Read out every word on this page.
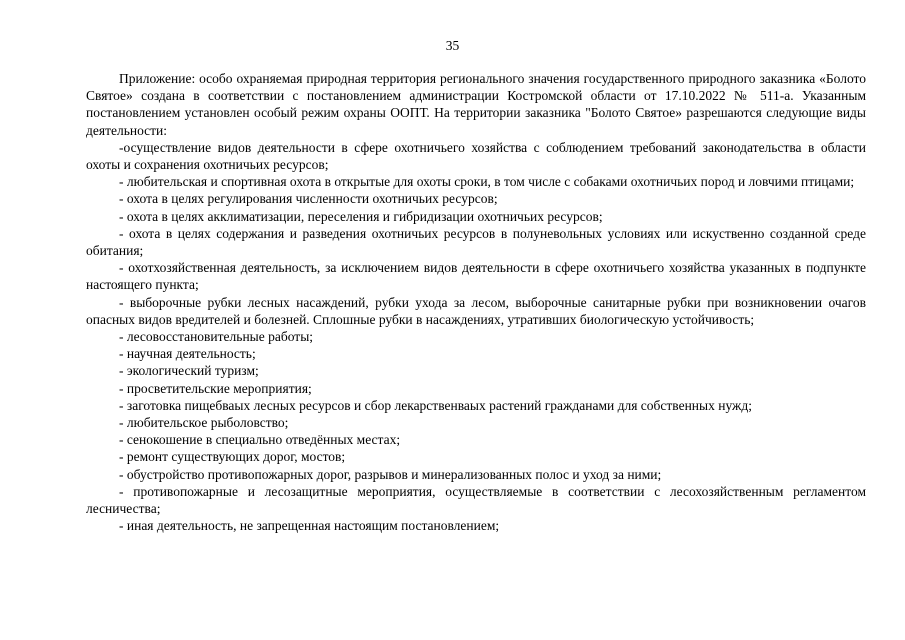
35

Приложение: особо охраняемая природная территория регионального значения государственного природного заказника «Болото Святое» создана в соответствии с постановлением администрации Костромской области от 17.10.2022 № 511-а. Указанным постановлением установлен особый режим охраны ООПТ. На территории заказника "Болото Святое» разрешаются следующие виды деятельности:

-осуществление видов деятельности в сфере охотничьего хозяйства с соблюдением требований законодательства в области охоты и сохранения охотничьих ресурсов;

- любительская и спортивная охота в открытые для охоты сроки, в том числе с собаками охотничьих пород и ловчими птицами;

- охота в целях регулирования численности охотничьих ресурсов;

- охота в целях акклиматизации, переселения и гибридизации охотничьих ресурсов;

- охота в целях содержания и разведения охотничьих ресурсов в полуневольных условиях или искуственно созданной среде обитания;

- охотхозяйственная деятельность, за исключением видов деятельности в сфере охотничьего хозяйства указанных в подпункте настоящего пункта;

- выборочные рубки лесных насаждений, рубки ухода за лесом, выборочные санитарные рубки при возникновении очагов опасных видов вредителей и болезней. Сплошные рубки в насаждениях, утративших биологическую устойчивость;

- лесовосстановительные работы;

- научная деятельность;

- экологический туризм;

- просветительские мероприятия;

- заготовка пищебваых лесных ресурсов и сбор лекарственваых растений гражданами для собственных нужд;

- любительское рыболовство;

- сенокошение в специально отведённых местах;

- ремонт существующих дорог, мостов;

- обустройство противопожарных дорог, разрывов и минерализованных полос и уход за ними;

- противопожарные и лесозащитные мероприятия, осуществляемые в соответствии с лесохозяйственным регламентом лесничества;

- иная деятельность, не запрещенная настоящим постановлением;
